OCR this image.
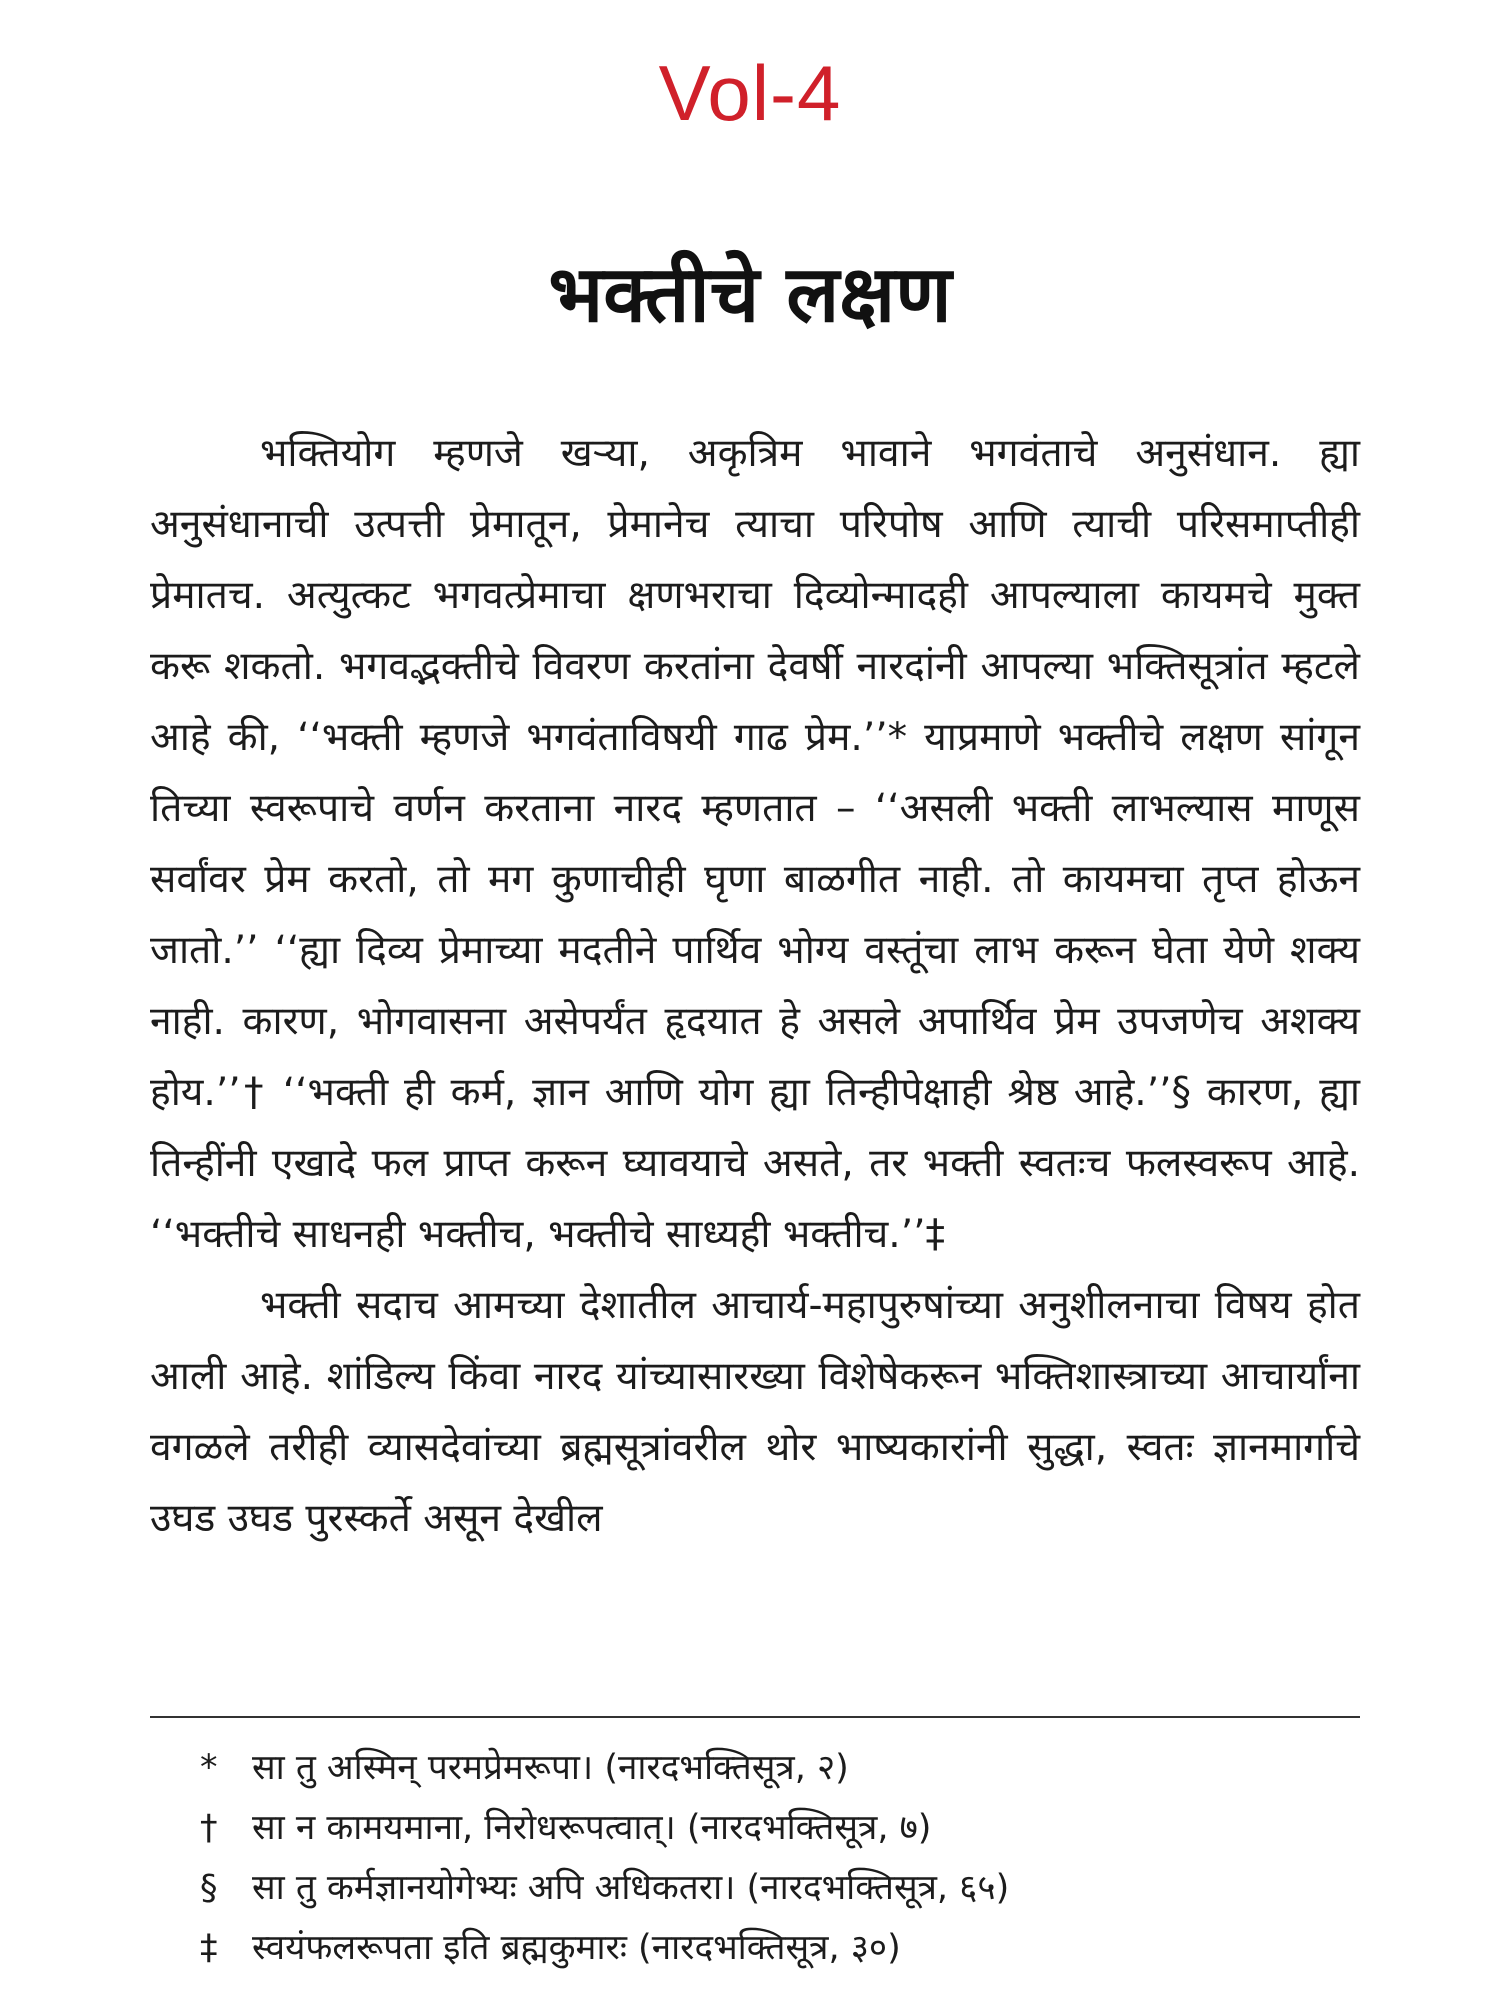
Vol-4
भक्तीचे लक्षण

भक्तियोग म्हणजे खऱ्या, अकृत्रिम भावाने भगवंताचे अनुसंधान. ह्या अनुसंधानाची उत्पत्ती प्रेमातून, प्रेमानेच त्याचा परिपोष आणि त्याची परिसमाप्तीही प्रेमातच. अत्युत्कट भगवत्प्रेमाचा क्षणभराचा दिव्योन्मादही आपल्याला कायमचे मुक्त करू शकतो. भगवद्भक्तीचे विवरण करतांना देवर्षी नारदांनी आपल्या भक्तिसूत्रांत म्हटले आहे की, ‘‘भक्ती म्हणजे भगवंताविषयी गाढ प्रेम.’’* याप्रमाणे भक्तीचे लक्षण सांगून तिच्या स्वरूपाचे वर्णन करताना नारद म्हणतात – ‘‘असली भक्ती लाभल्यास माणूस सर्वांवर प्रेम करतो, तो मग कुणाचीही घृणा बाळगीत नाही. तो कायमचा तृप्त होऊन जातो.’’ ‘‘ह्या दिव्य प्रेमाच्या मदतीने पार्थिव भोग्य वस्तूंचा लाभ करून घेता येणे शक्य नाही. कारण, भोगवासना असेपर्यंत हृदयात हे असले अपार्थिव प्रेम उपजणेच अशक्य होय.’’† ‘‘भक्ती ही कर्म, ज्ञान आणि योग ह्या तिन्हीपेक्षाही श्रेष्ठ आहे.’’§ कारण, ह्या तिन्हींनी एखादे फल प्राप्त करून घ्यावयाचे असते, तर भक्ती स्वतःच फलस्वरूप आहे. ‘‘भक्तीचे साधनही भक्तीच, भक्तीचे साध्यही भक्तीच.’’‡

भक्ती सदाच आमच्या देशातील आचार्य-महापुरुषांच्या अनुशीलनाचा विषय होत आली आहे. शांडिल्य किंवा नारद यांच्यासारख्या विशेषेकरून भक्तिशास्त्राच्या आचार्यांना वगळले तरीही व्यासदेवांच्या ब्रह्मसूत्रांवरील थोर भाष्यकारांनी सुद्धा, स्वतः ज्ञानमार्गाचे उघड उघड पुरस्कर्ते असून देखील

* सा तु अस्मिन् परमप्रेमरूपा। (नारदभक्तिसूत्र, २)
† सा न कामयमाना, निरोधरूपत्वात्। (नारदभक्तिसूत्र, ७)
§ सा तु कर्मज्ञानयोगेभ्यः अपि अधिकतरा। (नारदभक्तिसूत्र, ६५)
‡ स्वयंफलरूपता इति ब्रह्मकुमारः (नारदभक्तिसूत्र, ३०)
